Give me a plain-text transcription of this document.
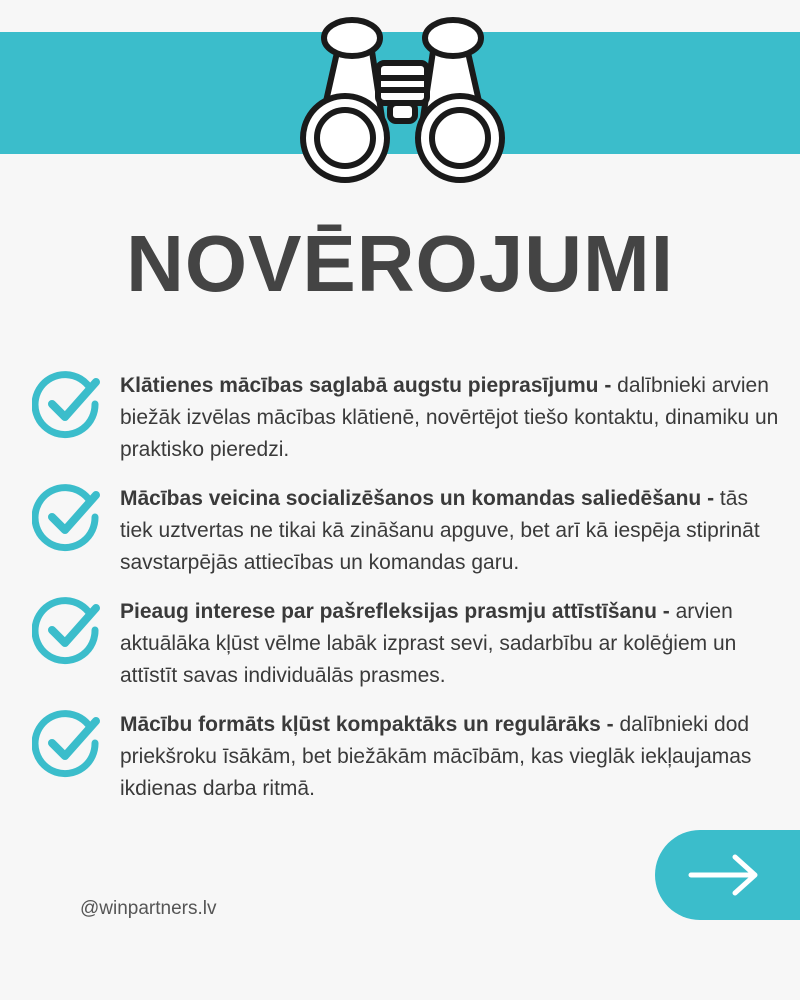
NOVĒROJUMI
Klātienes mācības saglabā augstu pieprasījumu - dalībnieki arvien biežāk izvēlas mācības klātienē, novērtējot tiešo kontaktu, dinamiku un praktisko pieredzi.
Mācības veicina socializēšanos un komandas saliedēšanu - tās tiek uztvertas ne tikai kā zināšanu apguve, bet arī kā iespēja stiprināt savstarpējās attiecības un komandas garu.
Pieaug interese par pašrefleksijas prasmju attīstīšanu - arvien aktuālāka kļūst vēlme labāk izprast sevi, sadarbību ar kolēģiem un attīstīt savas individuālās prasmes.
Mācību formāts kļūst kompaktāks un regulārāks - dalībnieki dod priekšroku īsākām, bet biežākām mācībām, kas vieglāk iekļaujamas ikdienas darba ritmā.
@winpartners.lv
